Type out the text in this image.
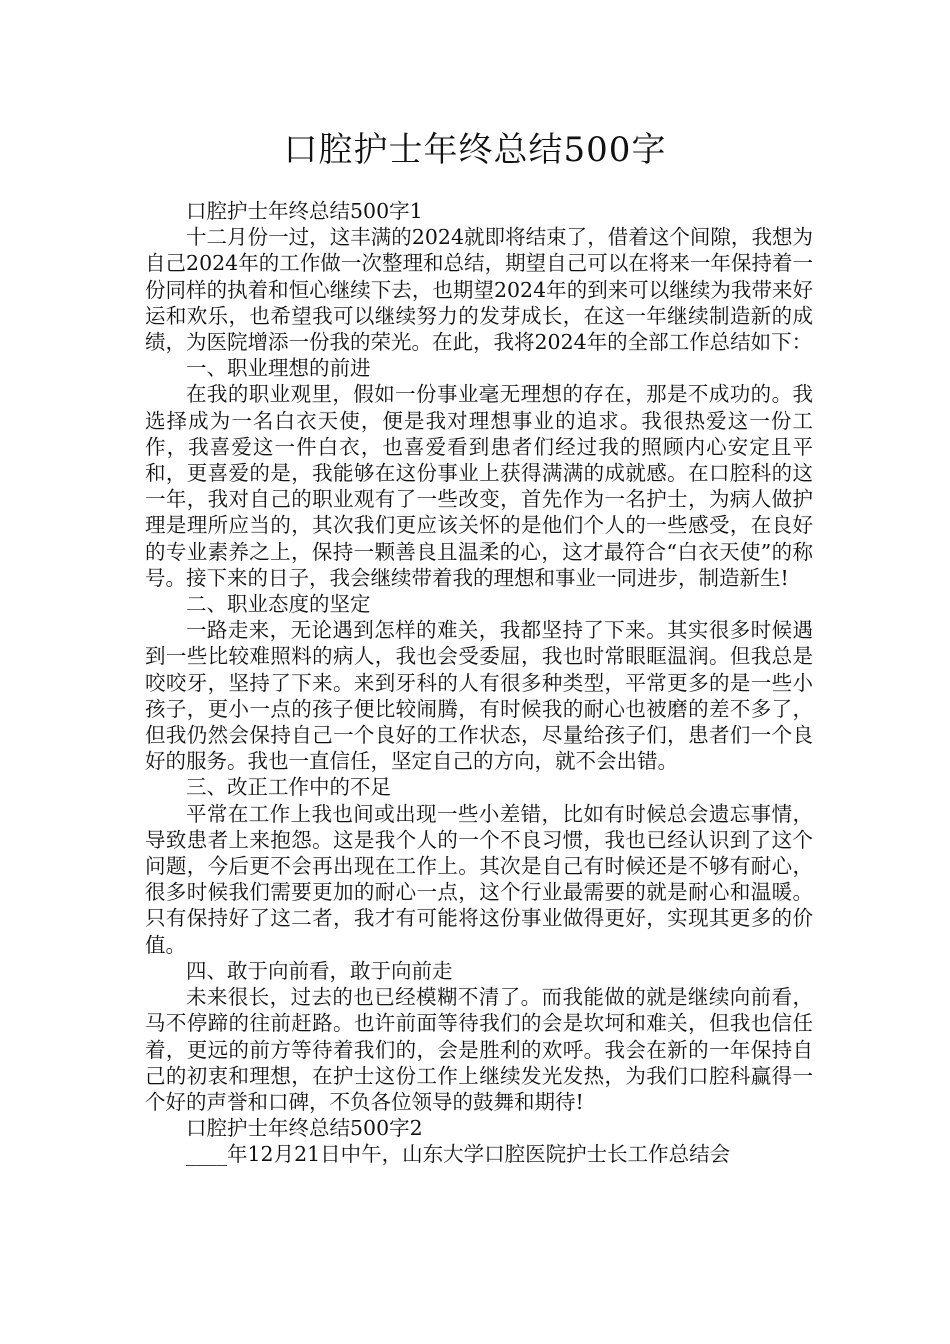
口腔护士年终总结500字

口腔护士年终总结500字1

十二月份一过，这丰满的2024就即将结束了，借着这个间隙，我想为自己2024年的工作做一次整理和总结，期望自己可以在将来一年保持着一份同样的执着和恒心继续下去，也期望2024年的到来可以继续为我带来好运和欢乐，也希望我可以继续努力的发芽成长，在这一年继续制造新的成绩，为医院增添一份我的荣光。在此，我将2024年的全部工作总结如下：

一、职业理想的前进

在我的职业观里，假如一份事业毫无理想的存在，那是不成功的。我选择成为一名白衣天使，便是我对理想事业的追求。我很热爱这一份工作，我喜爱这一件白衣，也喜爱看到患者们经过我的照顾内心安定且平和，更喜爱的是，我能够在这份事业上获得满满的成就感。在口腔科的这一年，我对自己的职业观有了一些改变，首先作为一名护士，为病人做护理是理所应当的，其次我们更应该关怀的是他们个人的一些感受，在良好的专业素养之上，保持一颗善良且温柔的心，这才最符合“白衣天使”的称号。接下来的日子，我会继续带着我的理想和事业一同进步，制造新生!

二、职业态度的坚定

一路走来，无论遇到怎样的难关，我都坚持了下来。其实很多时候遇到一些比较难照料的病人，我也会受委屈，我也时常眼眶温润。但我总是咬咬牙，坚持了下来。来到牙科的人有很多种类型，平常更多的是一些小孩子，更小一点的孩子便比较闹腾，有时候我的耐心也被磨的差不多了，但我仍然会保持自己一个良好的工作状态，尽量给孩子们，患者们一个良好的服务。我也一直信任，坚定自己的方向，就不会出错。

三、改正工作中的不足

平常在工作上我也间或出现一些小差错，比如有时候总会遗忘事情，导致患者上来抱怨。这是我个人的一个不良习惯，我也已经认识到了这个问题，今后更不会再出现在工作上。其次是自己有时候还是不够有耐心，很多时候我们需要更加的耐心一点，这个行业最需要的就是耐心和温暖。只有保持好了这二者，我才有可能将这份事业做得更好，实现其更多的价值。

四、敢于向前看，敢于向前走

未来很长，过去的也已经模糊不清了。而我能做的就是继续向前看，马不停蹄的往前赶路。也许前面等待我们的会是坎坷和难关，但我也信任着，更远的前方等待着我们的，会是胜利的欢呼。我会在新的一年保持自己的初衷和理想，在护士这份工作上继续发光发热，为我们口腔科赢得一个好的声誉和口碑，不负各位领导的鼓舞和期待!

口腔护士年终总结500字2

____年12月21日中午，山东大学口腔医院护士长工作总结会
